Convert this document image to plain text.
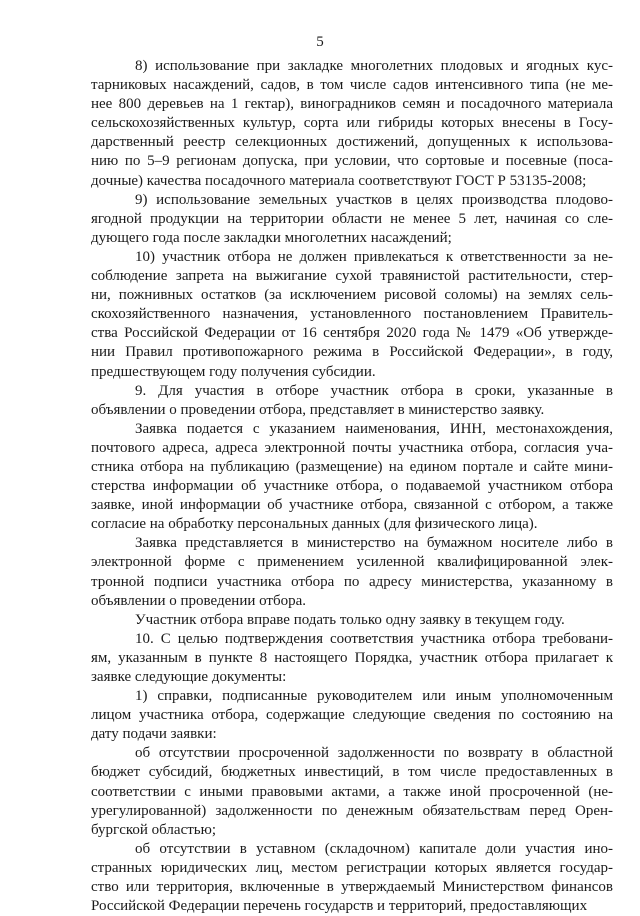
5
8) использование при закладке многолетних плодовых и ягодных кус-
тарниковых насаждений, садов, в том числе садов интенсивного типа (не ме-
нее 800 деревьев на 1 гектар), виноградников семян и посадочного материала
сельскохозяйственных культур, сорта или гибриды которых внесены в Госу-
дарственный реестр селекционных достижений, допущенных к использова-
нию по 5–9 регионам допуска, при условии, что сортовые и посевные (поса-
дочные) качества посадочного материала соответствуют ГОСТ Р 53135-2008;
9) использование земельных участков в целях производства плодово-
ягодной продукции на территории области не менее 5 лет, начиная со сле-
дующего года после закладки многолетних насаждений;
10) участник отбора не должен привлекаться к ответственности за не-
соблюдение запрета на выжигание сухой травянистой растительности, стер-
ни, пожнивных остатков (за исключением рисовой соломы) на землях сель-
скохозяйственного назначения, установленного постановлением Правитель-
ства Российской Федерации от 16 сентября 2020 года № 1479 «Об утвержде-
нии Правил противопожарного режима в Российской Федерации», в году,
предшествующем году получения субсидии.
9. Для участия в отборе участник отбора в сроки, указанные в
объявлении о проведении отбора, представляет в министерство заявку.
Заявка подается с указанием наименования, ИНН, местонахождения,
почтового адреса, адреса электронной почты участника отбора, согласия уча-
стника отбора на публикацию (размещение) на едином портале и сайте мини-
стерства информации об участнике отбора, о подаваемой участником отбора
заявке, иной информации об участнике отбора, связанной с отбором, а также
согласие на обработку персональных данных (для физического лица).
Заявка представляется в министерство на бумажном носителе либо в
электронной форме с применением усиленной квалифицированной элек-
тронной подписи участника отбора по адресу министерства, указанному в
объявлении о проведении отбора.
Участник отбора вправе подать только одну заявку в текущем году.
10. С целью подтверждения соответствия участника отбора требовани-
ям, указанным в пункте 8 настоящего Порядка, участник отбора прилагает к
заявке следующие документы:
1) справки, подписанные руководителем или иным уполномоченным
лицом участника отбора, содержащие следующие сведения по состоянию на
дату подачи заявки:
об отсутствии просроченной задолженности по возврату в областной
бюджет субсидий, бюджетных инвестиций, в том числе предоставленных в
соответствии с иными правовыми актами, а также иной просроченной (не-
урегулированной) задолженности по денежным обязательствам перед Орен-
бургской областью;
об отсутствии в уставном (складочном) капитале доли участия ино-
странных юридических лиц, местом регистрации которых является государ-
ство или территория, включенные в утверждаемый Министерством финансов
Российской Федерации перечень государств и территорий, предоставляющих
